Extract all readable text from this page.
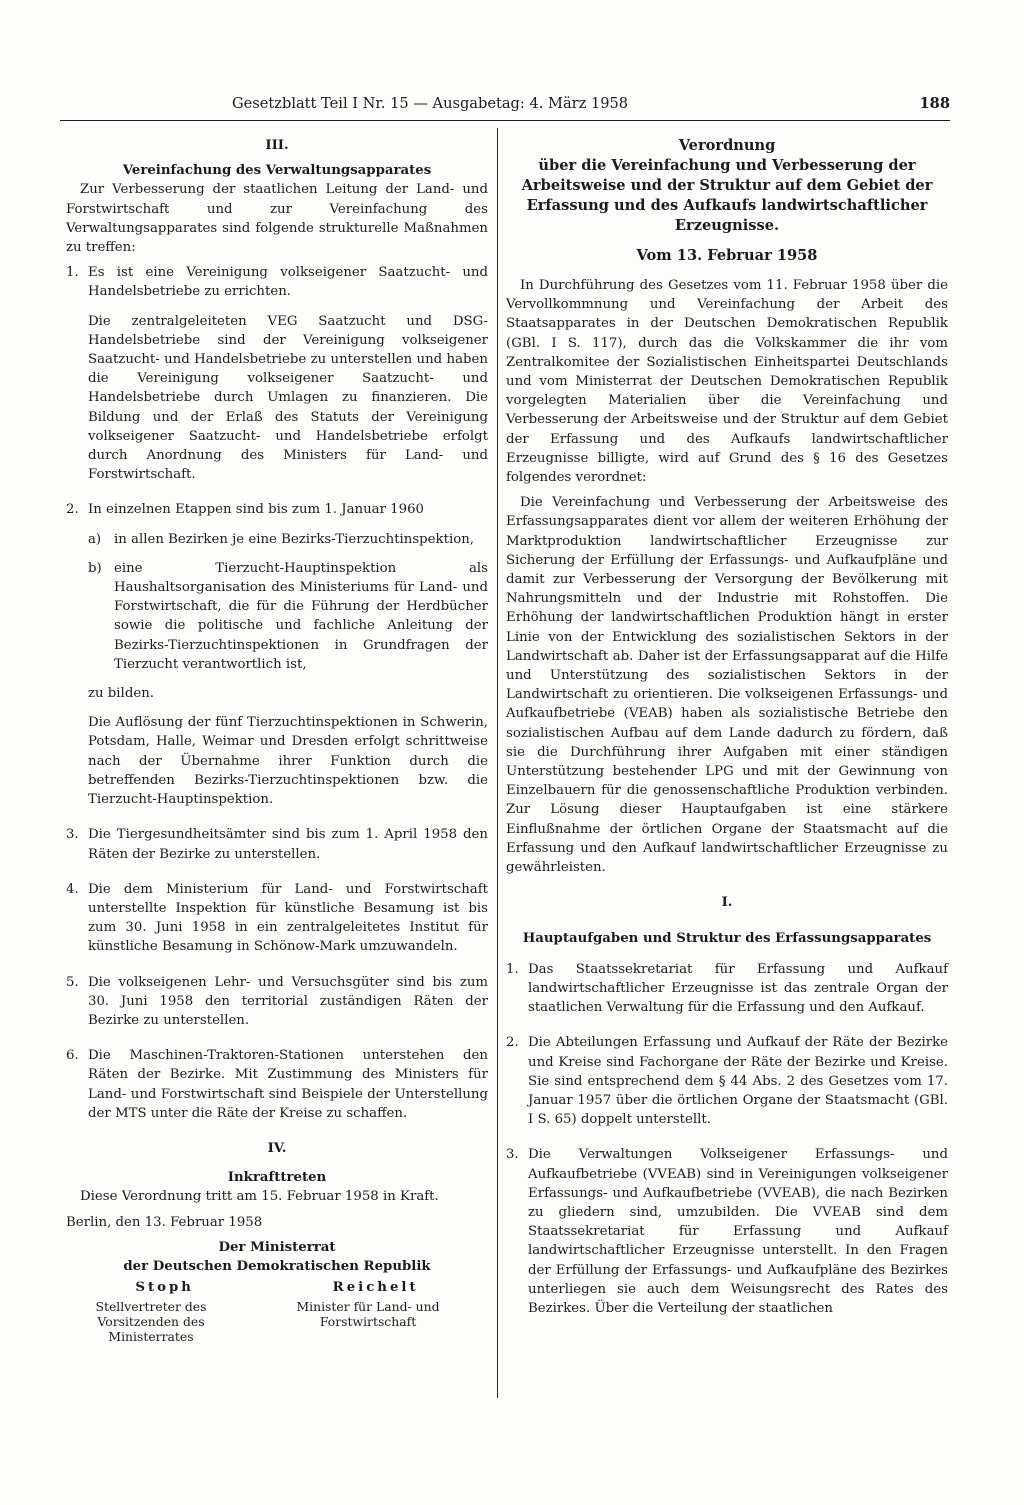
Gesetzblatt Teil I Nr. 15 — Ausgabetag: 4. März 1958	188
III.
Vereinfachung des Verwaltungsapparates

Zur Verbesserung der staatlichen Leitung der Land- und Forstwirtschaft und zur Vereinfachung des Verwaltungsapparates sind folgende strukturelle Maßnahmen zu treffen:

1. Es ist eine Vereinigung volkseigener Saatzucht- und Handelsbetriebe zu errichten.

Die zentralgeleiteten VEG Saatzucht und DSG-Handelsbetriebe sind der Vereinigung volkseigener Saatzucht- und Handelsbetriebe zu unterstellen und haben die Vereinigung volkseigener Saatzucht- und Handelsbetriebe durch Umlagen zu finanzieren. Die Bildung und der Erlaß des Statuts der Vereinigung volkseigener Saatzucht- und Handelsbetriebe erfolgt durch Anordnung des Ministers für Land- und Forstwirtschaft.

2. In einzelnen Etappen sind bis zum 1. Januar 1960

a) in allen Bezirken je eine Bezirks-Tierzuchtinspektion,
b) eine Tierzucht-Hauptinspektion als Haushaltsorganisation des Ministeriums für Land- und Forstwirtschaft, die für die Führung der Herdbücher sowie die politische und fachliche Anleitung der Bezirks-Tierzuchtinspektionen in Grundfragen der Tierzucht verantwortlich ist,

zu bilden.

Die Auflösung der fünf Tierzuchtinspektionen in Schwerin, Potsdam, Halle, Weimar und Dresden erfolgt schrittweise nach der Übernahme ihrer Funktion durch die betreffenden Bezirks-Tierzuchtinspektionen bzw. die Tierzucht-Hauptinspektion.

3. Die Tiergesundheitsämter sind bis zum 1. April 1958 den Räten der Bezirke zu unterstellen.
4. Die dem Ministerium für Land- und Forstwirtschaft unterstellte Inspektion für künstliche Besamung ist bis zum 30. Juni 1958 in ein zentralgeleitetes Institut für künstliche Besamung in Schönow-Mark umzuwandeln.
5. Die volkseigenen Lehr- und Versuchsgüter sind bis zum 30. Juni 1958 den territorial zuständigen Räten der Bezirke zu unterstellen.
6. Die Maschinen-Traktoren-Stationen unterstehen den Räten der Bezirke. Mit Zustimmung des Ministers für Land- und Forstwirtschaft sind Beispiele der Unterstellung der MTS unter die Räte der Kreise zu schaffen.
IV.
Inkrafttreten

Diese Verordnung tritt am 15. Februar 1958 in Kraft.

Berlin, den 13. Februar 1958

Der Ministerrat
der Deutschen Demokratischen Republik
Stoph	Reichelt
Stellvertreter des Vorsitzenden des Ministerrates
Minister für Land- und Forstwirtschaft
Verordnung
über die Vereinfachung und Verbesserung der Arbeitsweise und der Struktur auf dem Gebiet der Erfassung und des Aufkaufs landwirtschaftlicher Erzeugnisse.
Vom 13. Februar 1958

In Durchführung des Gesetzes vom 11. Februar 1958 über die Vervollkommnung und Vereinfachung der Arbeit des Staatsapparates in der Deutschen Demokratischen Republik (GBl. I S. 117), durch das die Volkskammer die ihr vom Zentralkomitee der Sozialistischen Einheitspartei Deutschlands und vom Ministerrat der Deutschen Demokratischen Republik vorgelegten Materialien über die Vereinfachung und Verbesserung der Arbeitsweise und der Struktur auf dem Gebiet der Erfassung und des Aufkaufs landwirtschaftlicher Erzeugnisse billigte, wird auf Grund des § 16 des Gesetzes folgendes verordnet:

Die Vereinfachung und Verbesserung der Arbeitsweise des Erfassungsapparates dient vor allem der weiteren Erhöhung der Marktproduktion landwirtschaftlicher Erzeugnisse zur Sicherung der Erfüllung der Erfassungs- und Aufkaufpläne und damit zur Verbesserung der Versorgung der Bevölkerung mit Nahrungsmitteln und der Industrie mit Rohstoffen. Die Erhöhung der landwirtschaftlichen Produktion hängt in erster Linie von der Entwicklung des sozialistischen Sektors in der Landwirtschaft ab. Daher ist der Erfassungsapparat auf die Hilfe und Unterstützung des sozialistischen Sektors in der Landwirtschaft zu orientieren. Die volkseigenen Erfassungs- und Aufkaufbetriebe (VEAB) haben als sozialistische Betriebe den sozialistischen Aufbau auf dem Lande dadurch zu fördern, daß sie die Durchführung ihrer Aufgaben mit einer ständigen Unterstützung bestehender LPG und mit der Gewinnung von Einzelbauern für die genossenschaftliche Produktion verbinden. Zur Lösung dieser Hauptaufgaben ist eine stärkere Einflußnahme der örtlichen Organe der Staatsmacht auf die Erfassung und den Aufkauf landwirtschaftlicher Erzeugnisse zu gewährleisten.

I.
Hauptaufgaben und Struktur des Erfassungsapparates
1. Das Staatssekretariat für Erfassung und Aufkauf landwirtschaftlicher Erzeugnisse ist das zentrale Organ der staatlichen Verwaltung für die Erfassung und den Aufkauf.
2. Die Abteilungen Erfassung und Aufkauf der Räte der Bezirke und Kreise sind Fachorgane der Räte der Bezirke und Kreise. Sie sind entsprechend dem § 44 Abs. 2 des Gesetzes vom 17. Januar 1957 über die örtlichen Organe der Staatsmacht (GBl. I S. 65) doppelt unterstellt.
3. Die Verwaltungen Volkseigener Erfassungs- und Aufkaufbetriebe (VVEAB) sind in Vereinigungen volkseigener Erfassungs- und Aufkaufbetriebe (VVEAB), die nach Bezirken zu gliedern sind, umzubilden. Die VVEAB sind dem Staatssekretariat für Erfassung und Aufkauf landwirtschaftlicher Erzeugnisse unterstellt. In den Fragen der Erfüllung der Erfassungs- und Aufkaufpläne des Bezirkes unterliegen sie auch dem Weisungsrecht des Rates des Bezirkes. Über die Verteilung der staatlichen
